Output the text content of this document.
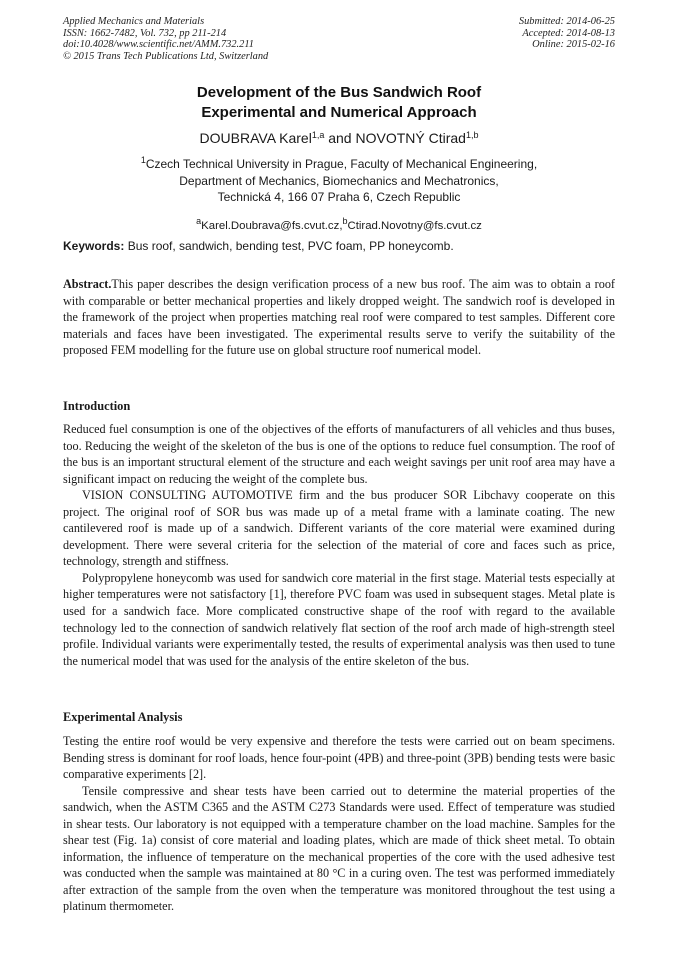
Applied Mechanics and Materials
ISSN: 1662-7482, Vol. 732, pp 211-214
doi:10.4028/www.scientific.net/AMM.732.211
© 2015 Trans Tech Publications Ltd, Switzerland
Submitted: 2014-06-25
Accepted: 2014-08-13
Online: 2015-02-16
Development of the Bus Sandwich Roof
Experimental and Numerical Approach
DOUBRAVA Karel$^{1,a}$ and NOVOTNÝ Ctirad$^{1,b}$
$^1$Czech Technical University in Prague, Faculty of Mechanical Engineering,
Department of Mechanics, Biomechanics and Mechatronics,
Technická 4, 166 07 Praha 6, Czech Republic
$^a$Karel.Doubrava@fs.cvut.cz,$^b$Ctirad.Novotny@fs.cvut.cz
Keywords: Bus roof, sandwich, bending test, PVC foam, PP honeycomb.

Abstract.This paper describes the design verification process of a new bus roof. The aim was to obtain a roof with comparable or better mechanical properties and likely dropped weight. The sandwich roof is developed in the framework of the project when properties matching real roof were compared to test samples. Different core materials and faces have been investigated. The experimental results serve to verify the suitability of the proposed FEM modelling for the future use on global structure roof numerical model.

Introduction

Reduced fuel consumption is one of the objectives of the efforts of manufacturers of all vehicles and thus buses, too. Reducing the weight of the skeleton of the bus is one of the options to reduce fuel consumption. The roof of the bus is an important structural element of the structure and each weight savings per unit roof area may have a significant impact on reducing the weight of the complete bus.

VISION CONSULTING AUTOMOTIVE firm and the bus producer SOR Libchavy cooperate on this project. The original roof of SOR bus was made up of a metal frame with a laminate coating. The new cantilevered roof is made up of a sandwich. Different variants of the core material were examined during development. There were several criteria for the selection of the material of core and faces such as price, technology, strength and stiffness.

Polypropylene honeycomb was used for sandwich core material in the first stage. Material tests especially at higher temperatures were not satisfactory [1], therefore PVC foam was used in subsequent stages. Metal plate is used for a sandwich face. More complicated constructive shape of the roof with regard to the available technology led to the connection of sandwich relatively flat section of the roof arch made of high-strength steel profile. Individual variants were experimentally tested, the results of experimental analysis was then used to tune the numerical model that was used for the analysis of the entire skeleton of the bus.

Experimental Analysis

Testing the entire roof would be very expensive and therefore the tests were carried out on beam specimens. Bending stress is dominant for roof loads, hence four-point (4PB) and three-point (3PB) bending tests were basic comparative experiments [2].

Tensile compressive and shear tests have been carried out to determine the material properties of the sandwich, when the ASTM C365 and the ASTM C273 Standards were used. Effect of temperature was studied in shear tests. Our laboratory is not equipped with a temperature chamber on the load machine. Samples for the shear test (Fig. 1a) consist of core material and loading plates, which are made of thick sheet metal. To obtain information, the influence of temperature on the mechanical properties of the core with the used adhesive test was conducted when the sample was maintained at 80 °C in a curing oven. The test was performed immediately after extraction of the sample from the oven when the temperature was monitored throughout the test using a platinum thermometer.
